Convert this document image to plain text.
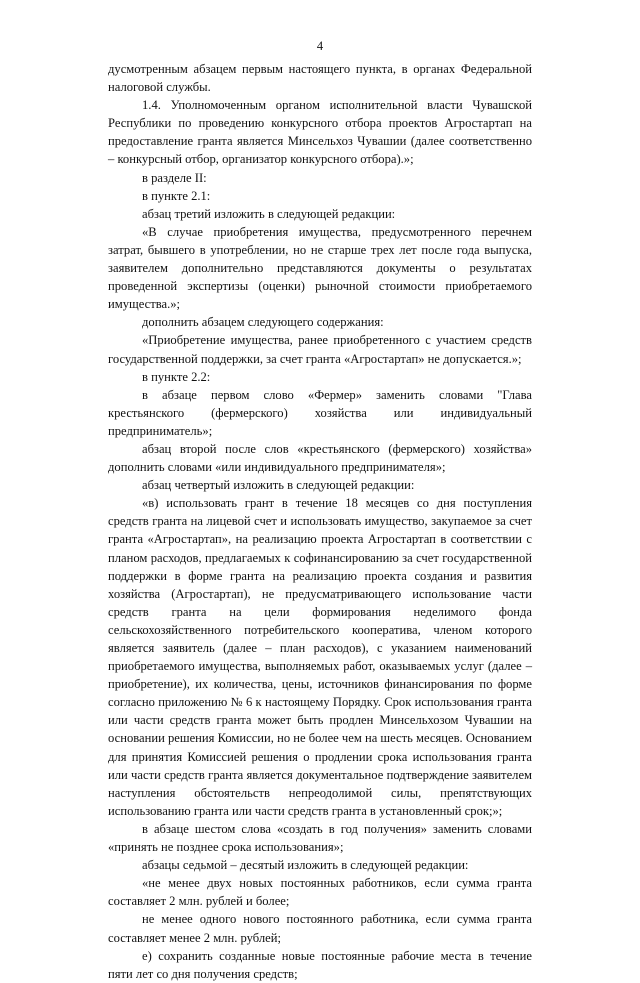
4

дусмотренным абзацем первым настоящего пункта, в органах Федеральной налоговой службы.

1.4. Уполномоченным органом исполнительной власти Чувашской Республики по проведению конкурсного отбора проектов Агростартап на предоставление гранта является Минсельхоз Чувашии (далее соответственно – конкурсный отбор, организатор конкурсного отбора).»;

в разделе II:

в пункте 2.1:

абзац третий изложить в следующей редакции:

«В случае приобретения имущества, предусмотренного перечнем затрат, бывшего в употреблении, но не старше трех лет после года выпуска, заявителем дополнительно представляются документы о результатах проведенной экспертизы (оценки) рыночной стоимости приобретаемого имущества.»;

дополнить абзацем следующего содержания:

«Приобретение имущества, ранее приобретенного с участием средств государственной поддержки, за счет гранта «Агростартап» не допускается.»;

в пункте 2.2:

в абзаце первом слово «Фермер» заменить словами "Глава крестьянского (фермерского) хозяйства или индивидуальный предприниматель»;

абзац второй после слов «крестьянского (фермерского) хозяйства» дополнить словами «или индивидуального предпринимателя»;

абзац четвертый изложить в следующей редакции:

«в) использовать грант в течение 18 месяцев со дня поступления средств гранта на лицевой счет и использовать имущество, закупаемое за счет гранта «Агростартап», на реализацию проекта Агростартап в соответствии с планом расходов, предлагаемых к софинансированию за счет государственной поддержки в форме гранта на реализацию проекта создания и развития хозяйства (Агростартап), не предусматривающего использование части средств гранта на цели формирования неделимого фонда сельскохозяйственного потребительского кооператива, членом которого является заявитель (далее – план расходов), с указанием наименований приобретаемого имущества, выполняемых работ, оказываемых услуг (далее – приобретение), их количества, цены, источников финансирования по форме согласно приложению № 6 к настоящему Порядку. Срок использования гранта или части средств гранта может быть продлен Минсельхозом Чувашии на основании решения Комиссии, но не более чем на шесть месяцев. Основанием для принятия Комиссией решения о продлении срока использования гранта или части средств гранта является документальное подтверждение заявителем наступления обстоятельств непреодолимой силы, препятствующих использованию гранта или части средств гранта в установленный срок;»;

в абзаце шестом слова «создать в год получения» заменить словами «принять не позднее срока использования»;

абзацы седьмой – десятый изложить в следующей редакции:

«не менее двух новых постоянных работников, если сумма гранта составляет 2 млн. рублей и более;

не менее одного нового постоянного работника, если сумма гранта составляет менее 2 млн. рублей;

е) сохранить созданные новые постоянные рабочие места в течение пяти лет со дня получения средств;
